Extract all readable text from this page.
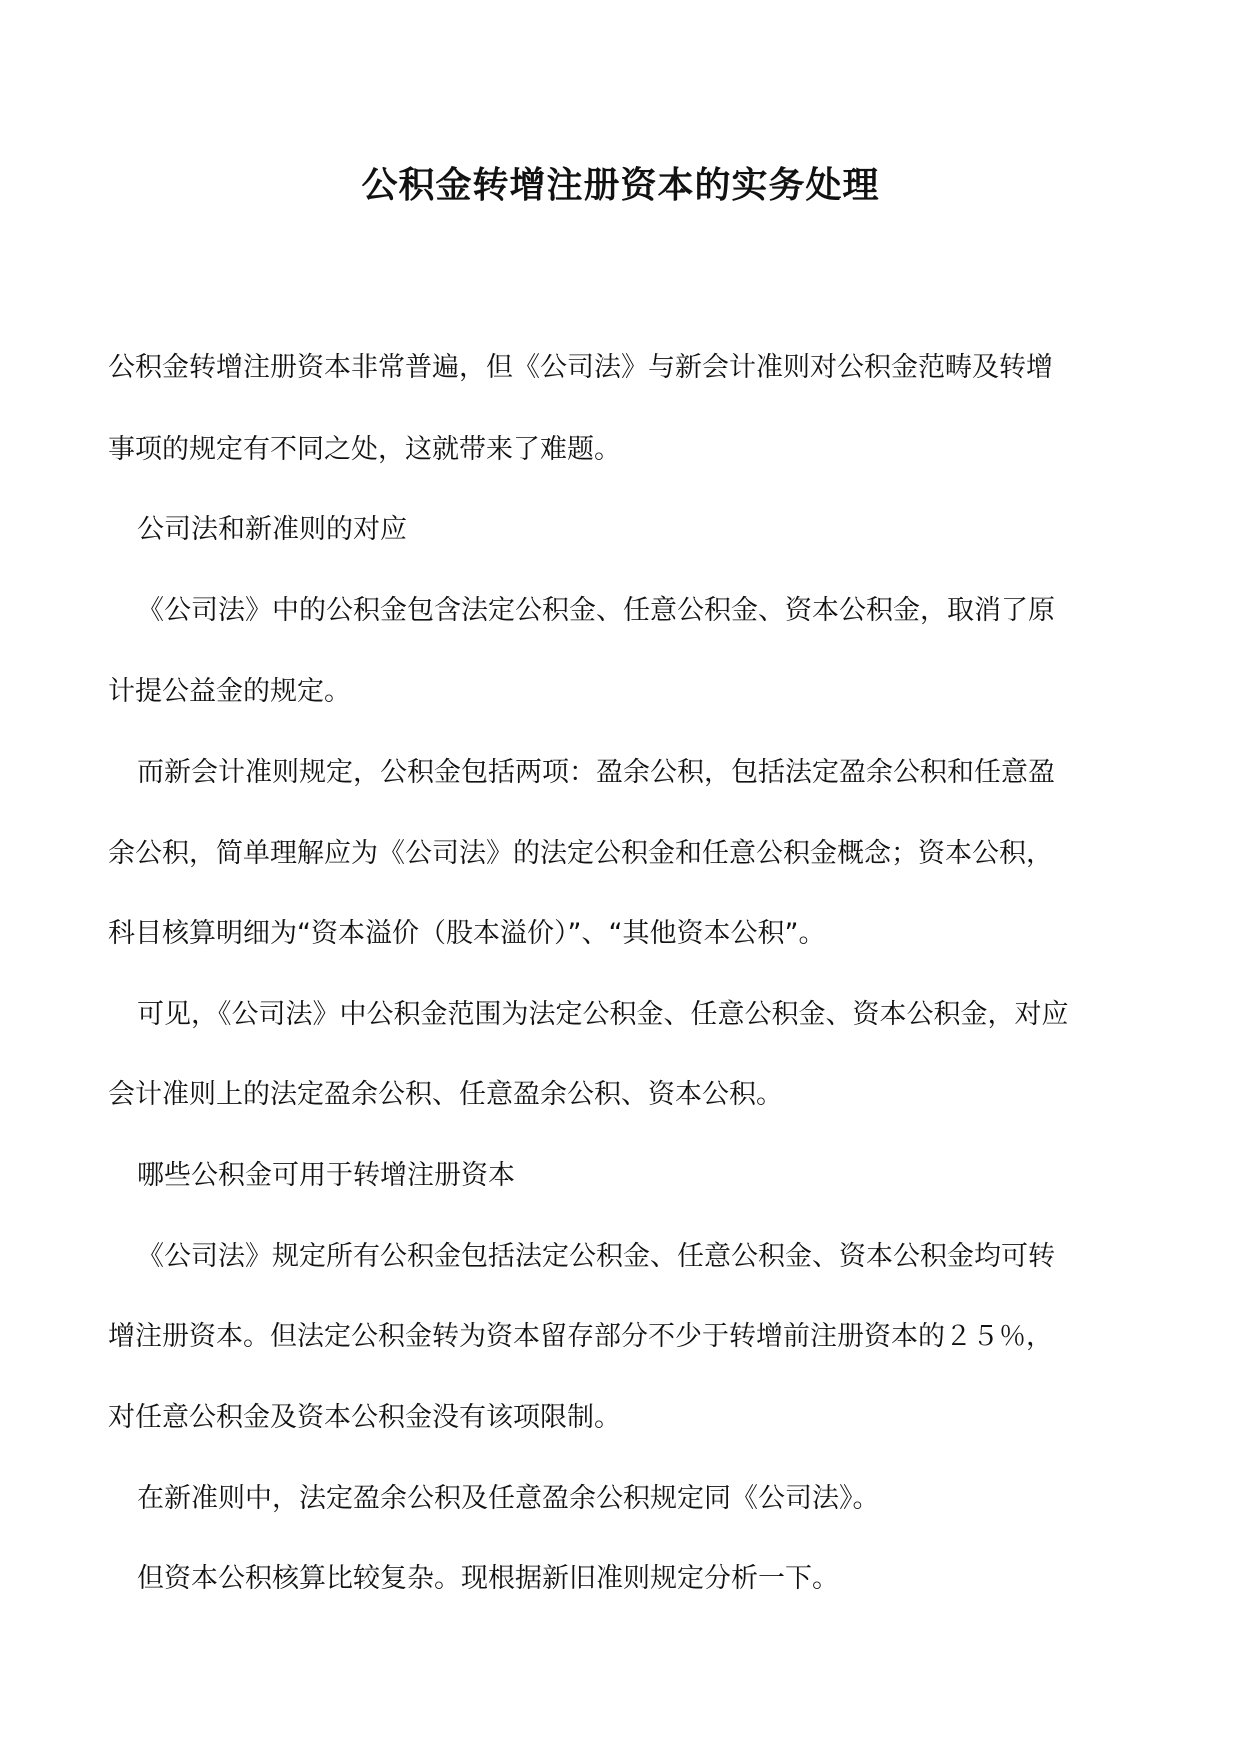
公积金转增注册资本的实务处理
公积金转增注册资本非常普遍，但《公司法》与新会计准则对公积金范畴及转增
事项的规定有不同之处，这就带来了难题。
公司法和新准则的对应
《公司法》中的公积金包含法定公积金、任意公积金、资本公积金，取消了原
计提公益金的规定。
而新会计准则规定，公积金包括两项：盈余公积，包括法定盈余公积和任意盈
余公积，简单理解应为《公司法》的法定公积金和任意公积金概念；资本公积，
科目核算明细为“资本溢价（股本溢价）”、“其他资本公积”。
可见，《公司法》中公积金范围为法定公积金、任意公积金、资本公积金，对应
会计准则上的法定盈余公积、任意盈余公积、资本公积。
哪些公积金可用于转增注册资本
《公司法》规定所有公积金包括法定公积金、任意公积金、资本公积金均可转
增注册资本。但法定公积金转为资本留存部分不少于转增前注册资本的２５％，
对任意公积金及资本公积金没有该项限制。
在新准则中，法定盈余公积及任意盈余公积规定同《公司法》。
但资本公积核算比较复杂。现根据新旧准则规定分析一下。
